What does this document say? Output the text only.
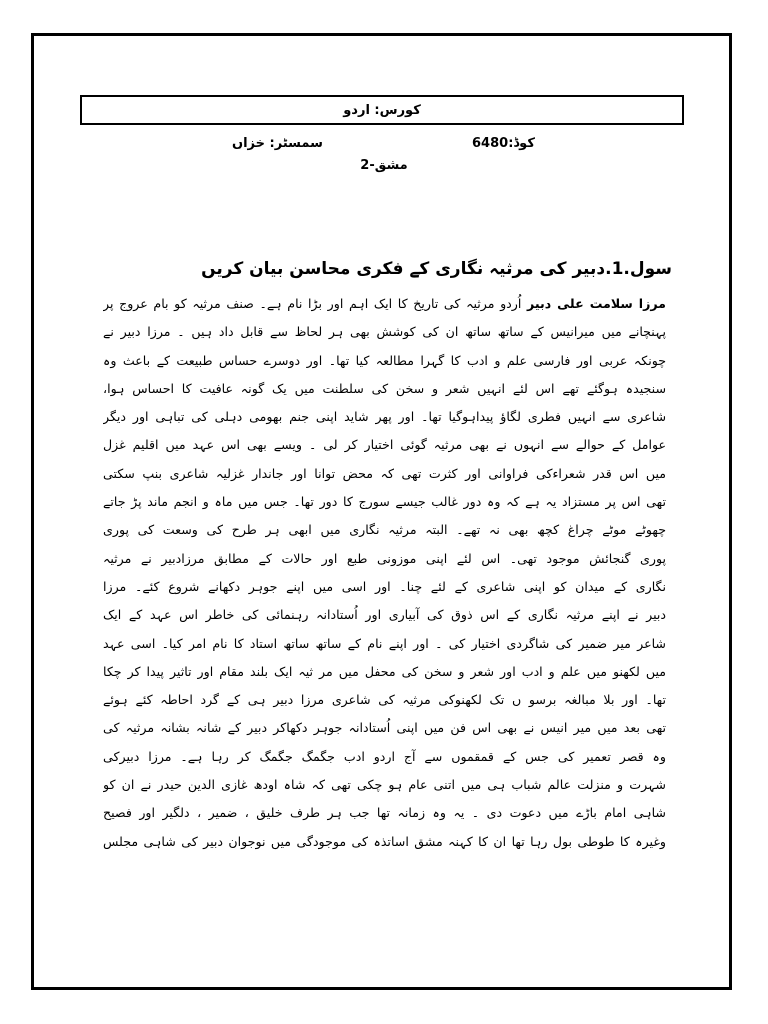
کورس: اردو
کوڈ:6480
سمسٹر: خزاں
مشق-2
سول.1.دبیر کی مرثیہ نگاری کے فکری محاسن بیان کریں
مرزا سلامت علی دبیر اُردو مرثیہ کی تاریخ کا ایک اہم اور بڑا نام ہے۔ صنف مرثیہ کو بام عروج پر
پہنچانے میں میرانیس کے ساتھ ساتھ ان کی کوشش بھی ہر لحاظ سے قابل داد ہیں ۔ مرزا دبیر نے
چونکہ عربی اور فارسی علم و ادب کا گہرا مطالعہ کیا تھا۔ اور دوسرے حساس طبیعت کے باعث وہ
سنجیدہ ہوگئے تھے اس لئے انہیں شعر و سخن کی سلطنت میں یک گونہ عافیت کا احساس ہوا،
شاعری سے انہیں فطری لگاؤ پیداہوگیا تھا۔ اور پھر شاید اپنی جنم بھومی دہلی کی تباہی اور دیگر
عوامل کے حوالے سے انہوں نے بھی مرثیہ گوئی اختیار کر لی ۔ ویسے بھی اس عہد میں اقلیم غزل
میں اس قدر شعراءکی فراوانی اور کثرت تھی کہ محض توانا اور جاندار غزلیہ شاعری بنپ سکتی
تھی اس پر مستزاد یہ ہے کہ وہ دور غالب جیسے سورج کا دور تھا۔ جس میں ماہ و انجم ماند پڑ جاتے
چھوٹے موٹے چراغ کچھ بھی نہ تھے۔ البتہ مرثیہ نگاری میں ابھی ہر طرح کی وسعت کی پوری
پوری گنجائش موجود تھی۔ اس لئے اپنی موزونی طبع اور حالات کے مطابق مرزادبیر نے مرثیہ
نگاری کے میدان کو اپنی شاعری کے لئے چنا۔ اور اسی میں اپنے جوہر دکھانے شروع کئے۔ مرزا
دبیر نے اپنے مرثیہ نگاری کے اس ذوق کی آبیاری اور اُستادانہ رہنمائی کی خاطر اس عہد کے ایک
شاعر میر ضمیر کی شاگردی اختیار کی ۔ اور اپنے نام کے ساتھ ساتھ استاد کا نام امر کیا۔ اسی عہد
میں لکھنو میں علم و ادب اور شعر و سخن کی محفل میں مر ثیہ ایک بلند مقام اور تاثیر پیدا کر چکا
تھا۔ اور بلا مبالغہ برسو ں تک لکھنوکی مرثیہ کی شاعری مرزا دبیر ہی کے گرد احاطہ کئے ہوئے
تھی بعد میں میر انیس نے بھی اس فن میں اپنی اُستادانہ جوہر دکھاکر دبیر کے شانہ بشانہ مرثیہ کی
وہ قصر تعمیر کی جس کے قمقموں سے آج اردو ادب جگمگ جگمگ کر رہا ہے۔ مرزا دبیرکی
شہرت و منزلت عالم شباب ہی میں اتنی عام ہو چکی تھی کہ شاہ اودھ غازی الدین حیدر نے ان کو
شاہی امام باڑے میں دعوت دی ۔ یہ وہ زمانہ تھا جب ہر طرف خلیق ، ضمیر ، دلگیر اور فصیح
وغیرہ کا طوطی بول رہا تھا ان کا کہنہ مشق اساتذہ کی موجودگی میں نوجوان دبیر کی شاہی مجلس
